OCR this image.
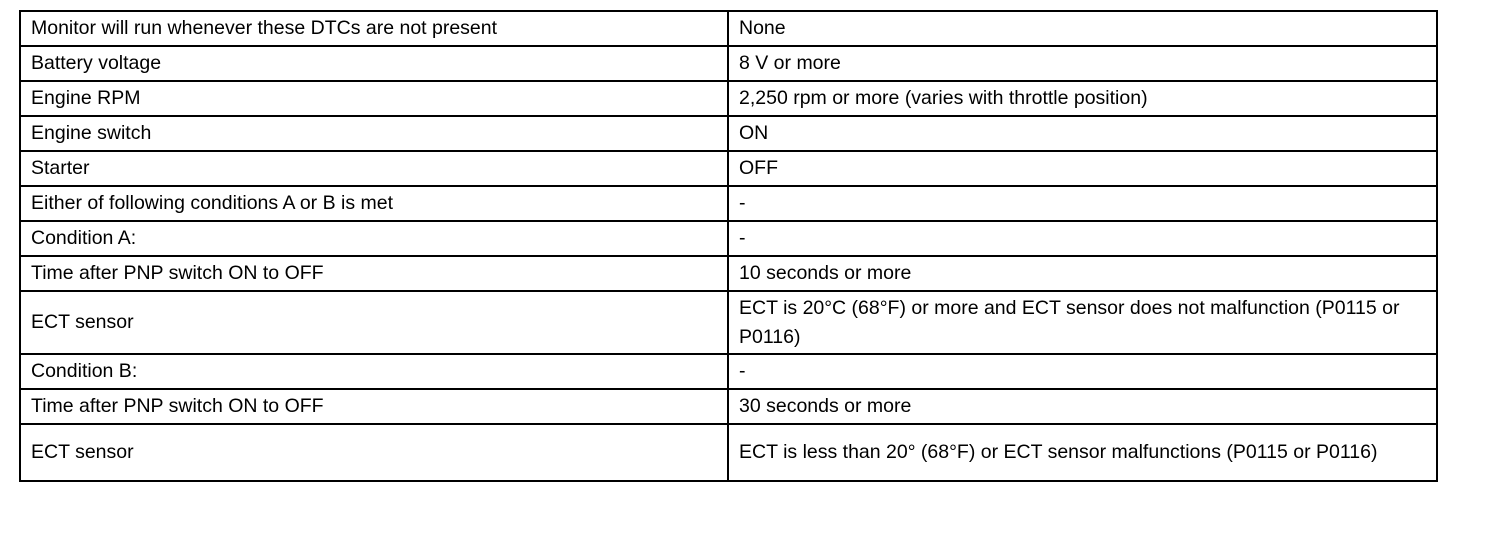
Monitor will run whenever these DTCs are not present	None
Battery voltage	8 V or more
Engine RPM	2,250 rpm or more (varies with throttle position)
Engine switch	ON
Starter	OFF
Either of following conditions A or B is met	-
Condition A:	-
Time after PNP switch ON to OFF	10 seconds or more
ECT sensor	ECT is 20°C (68°F) or more and ECT sensor does not malfunction (P0115 or P0116)
Condition B:	-
Time after PNP switch ON to OFF	30 seconds or more
ECT sensor	ECT is less than 20° (68°F) or ECT sensor malfunctions (P0115 or P0116)
